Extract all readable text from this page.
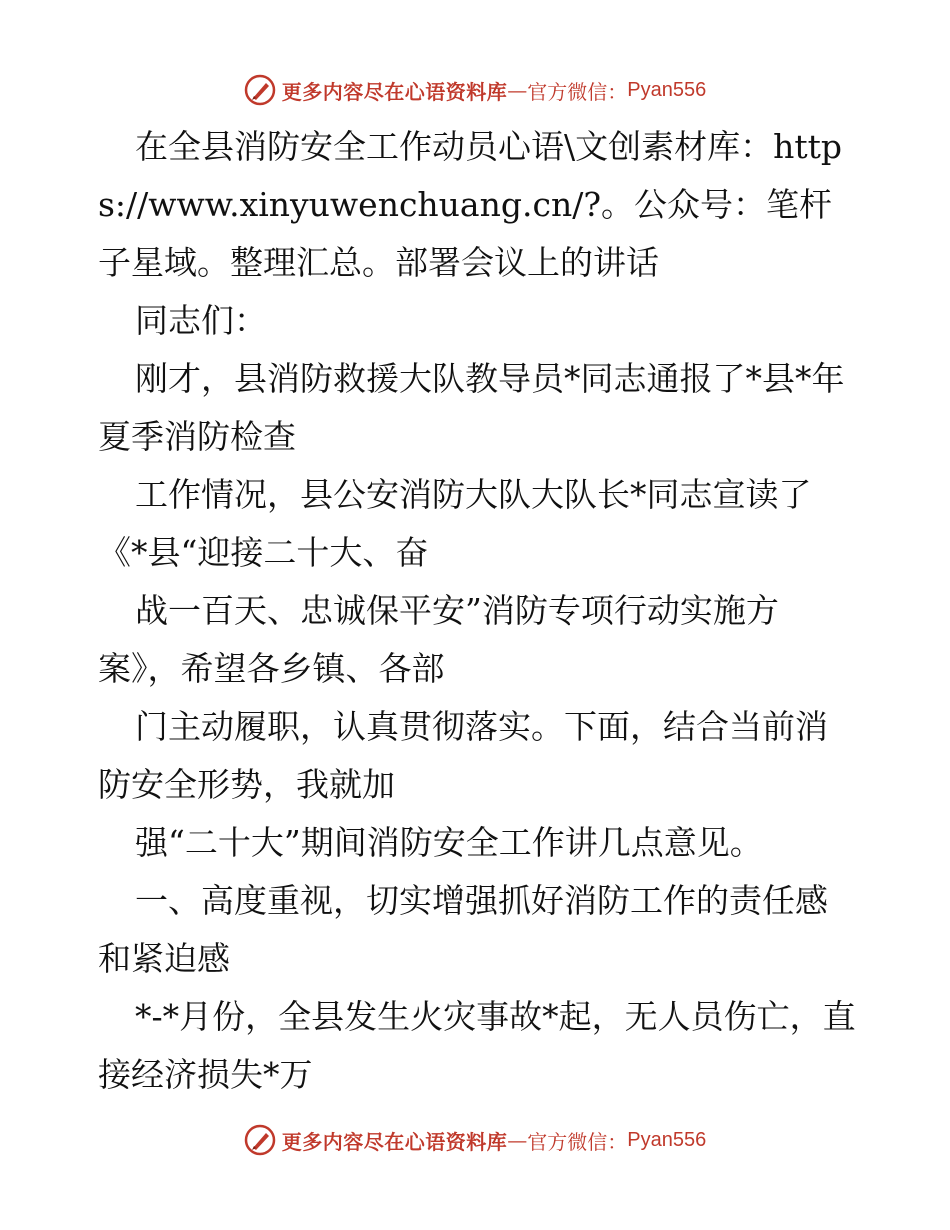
更多内容尽在心语资料库 — 官方微信： Pyan556

在全县消防安全工作动员心语\文创素材库：https://www.xinyuwenchuang.cn/?。公众号：笔杆子星域。整理汇总。部署会议上的讲话

同志们：

刚才，县消防救援大队教导员*同志通报了*县*年夏季消防检查

工作情况，县公安消防大队大队长*同志宣读了《*县“迎接二十大、奋

战一百天、忠诚保平安”消防专项行动实施方案》，希望各乡镇、各部

门主动履职，认真贯彻落实。下面，结合当前消防安全形势，我就加

强“二十大”期间消防安全工作讲几点意见。

一、高度重视，切实增强抓好消防工作的责任感和紧迫感

*-*月份，全县发生火灾事故*起，无人员伤亡，直接经济损失*万

更多内容尽在心语资料库 — 官方微信： Pyan556
